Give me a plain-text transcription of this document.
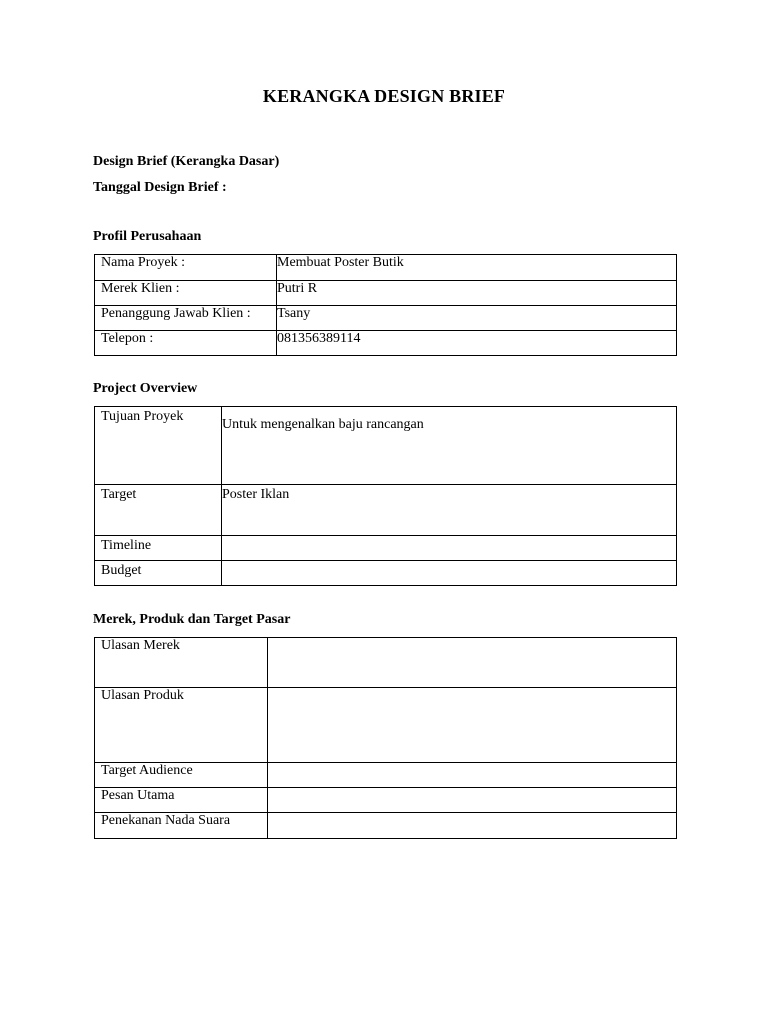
KERANGKA DESIGN BRIEF
Design Brief (Kerangka Dasar)
Tanggal Design Brief :
Profil Perusahaan
Nama Proyek :	Membuat Poster Butik
Merek Klien :	Putri R
Penanggung Jawab Klien :	Tsany
Telepon :	081356389114
Project Overview
Tujuan Proyek	Untuk mengenalkan baju rancangan
Target	Poster Iklan
Timeline	
Budget	
Merek, Produk dan Target Pasar
Ulasan Merek	
Ulasan Produk	
Target Audience	
Pesan Utama	
Penekanan Nada Suara	
